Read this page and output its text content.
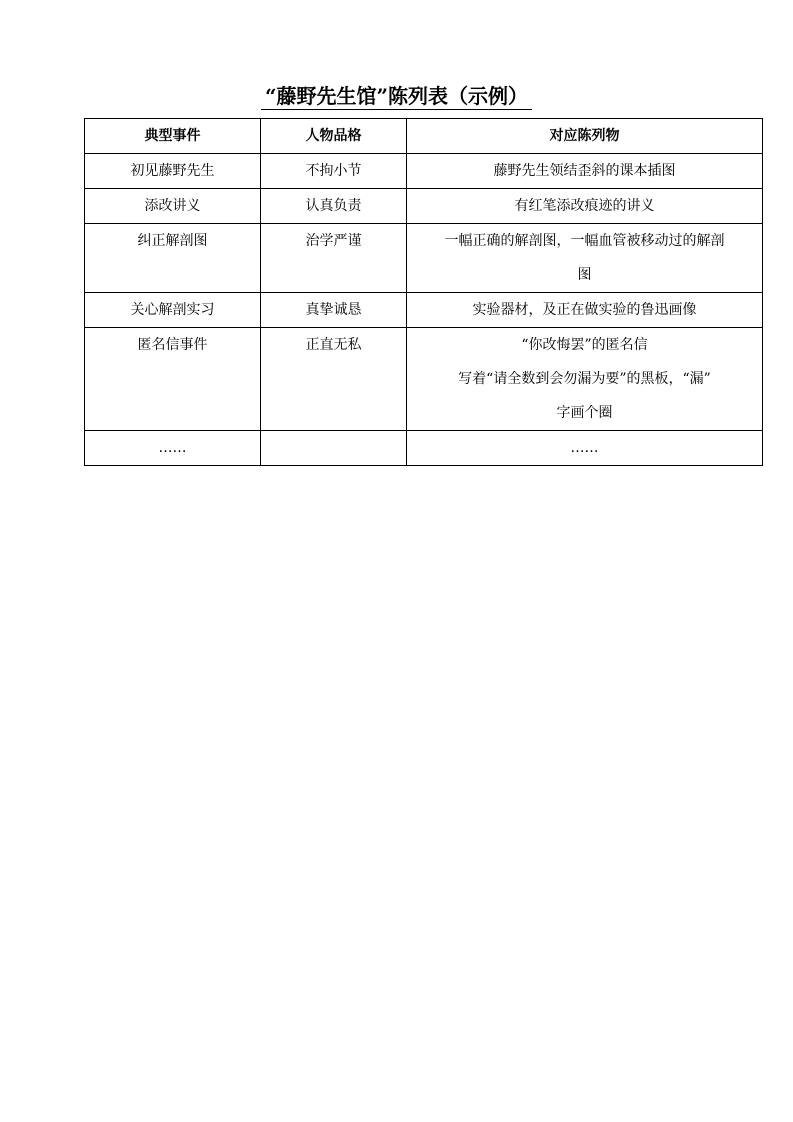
“藤野先生馆”陈列表（示例）
典型事件	人物品格	对应陈列物
初见藤野先生	不拘小节	藤野先生领结歪斜的课本插图

添改讲义	认真负责	有红笔添改痕迹的讲义

纠正解剖图	治学严谨	一幅正确的解剖图，一幅血管被移动过的解剖
图

关心解剖实习	真挚诚恳	实验器材，及正在做实验的鲁迅画像

匿名信事件	正直无私	“你改悔罢”的匿名信
写着“请全数到会勿漏为要”的黑板，“漏”
字画个圈

……		……
